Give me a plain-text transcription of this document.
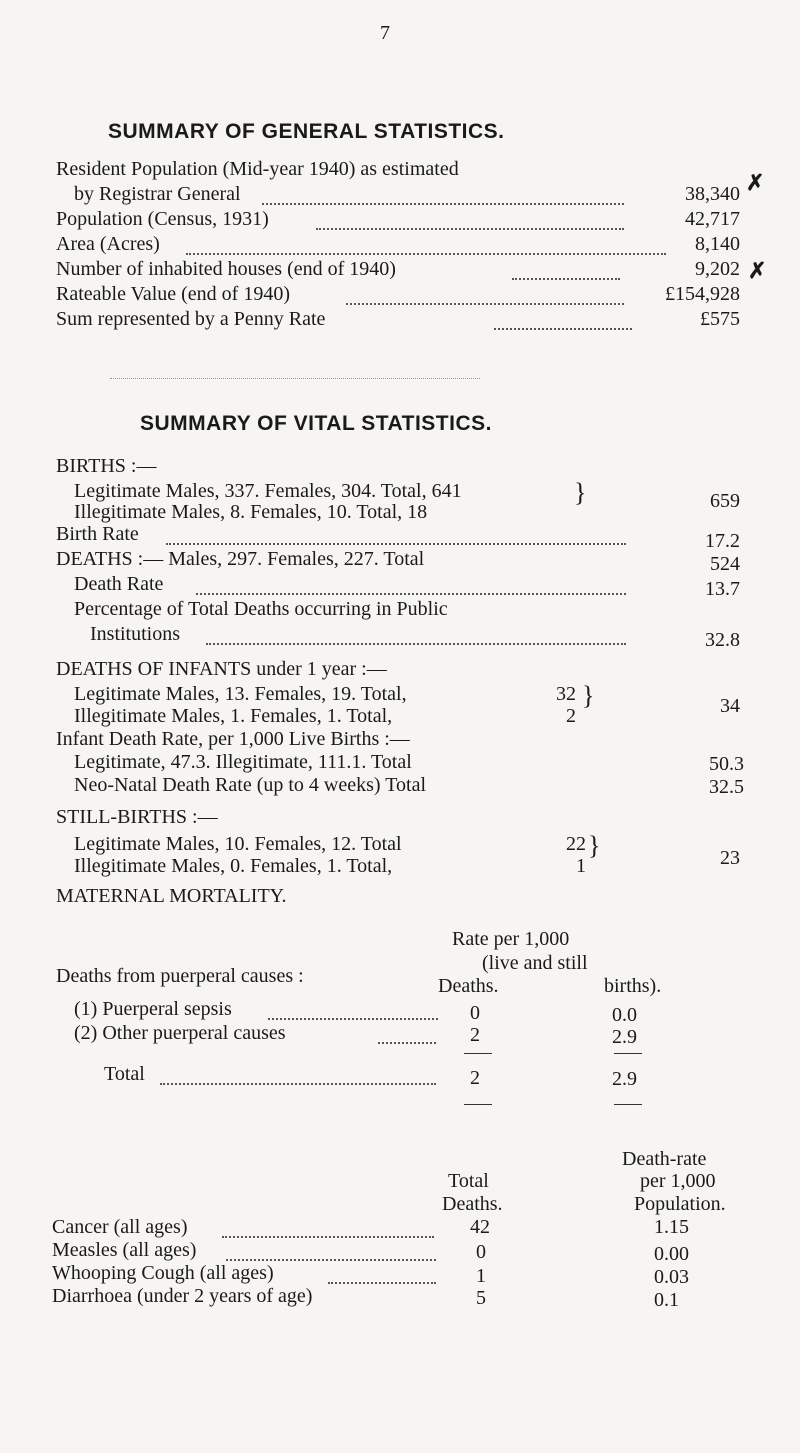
7
SUMMARY OF GENERAL STATISTICS.
Resident Population (Mid-year 1940) as estimated
by Registrar General	38,340 ✗
Population (Census, 1931)	42,717
Area (Acres)	8,140
Number of inhabited houses (end of 1940)	9,202 ✗
Rateable Value (end of 1940)	£154,928
Sum represented by a Penny Rate	£575
SUMMARY OF VITAL STATISTICS.
BIRTHS :—
Legitimate Males, 337. Females, 304. Total, 641
Illegitimate Males, 8. Females, 10. Total, 18
}	659
Birth Rate	17.2
DEATHS :— Males, 297. Females, 227. Total	524
Death Rate	13.7
Percentage of Total Deaths occurring in Public
Institutions	32.8
DEATHS OF INFANTS under 1 year :—
Legitimate Males, 13. Females, 19. Total,	32
Illegitimate Males, 1. Females, 1. Total,	2
}	34
Infant Death Rate, per 1,000 Live Births :—
Legitimate, 47.3. Illegitimate, 111.1. Total	50.3
Neo-Natal Death Rate (up to 4 weeks) Total	32.5
STILL-BIRTHS :—
Legitimate Males, 10. Females, 12. Total	22
Illegitimate Males, 0. Females, 1. Total,	1
}	23
MATERNAL MORTALITY.
Rate per 1,000
(live and still
Deaths.	births).
Deaths from puerperal causes :
(1) Puerperal sepsis	0	0.0
(2) Other puerperal causes	2	2.9
Total	2	2.9
Death-rate
Total	per 1,000
Deaths.	Population.
Cancer (all ages)	42	1.15
Measles (all ages)	0	0.00
Whooping Cough (all ages)	1	0.03
Diarrhoea (under 2 years of age)	5	0.1
